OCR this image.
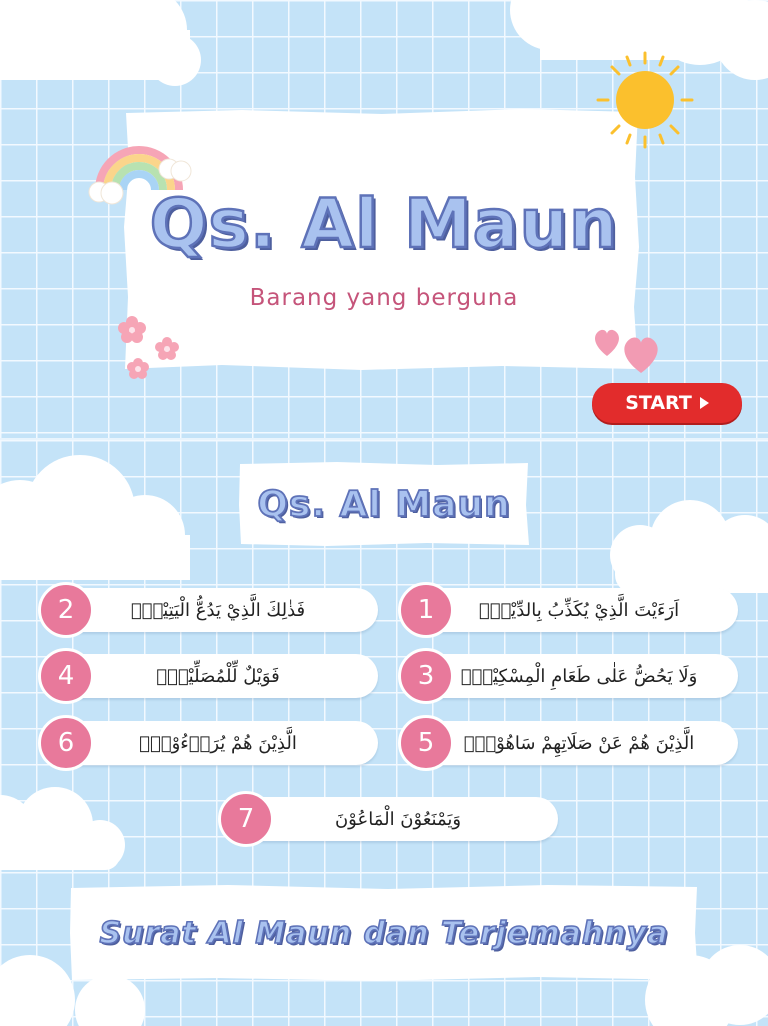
Qs. Al Maun
Barang yang berguna
START
Qs. Al Maun
اَرَءَيْتَ الَّذِيْ يُكَذِّبُ بِالدِّيْنِۗ
1
فَذٰلِكَ الَّذِيْ يَدُعُّ الْيَتِيْمَۙ
2
وَلَا يَحُضُّ عَلٰى طَعَامِ الْمِسْكِيْنِۗ
3
فَوَيْلٌ لِّلْمُصَلِّيْنَۙ
4
الَّذِيْنَ هُمْ عَنْ صَلَاتِهِمْ سَاهُوْنَۙ
5
الَّذِيْنَ هُمْ يُرَاۤءُوْنَۙ
6
وَيَمْنَعُوْنَ الْمَاعُوْنَ
7
Surat Al Maun dan Terjemahnya
